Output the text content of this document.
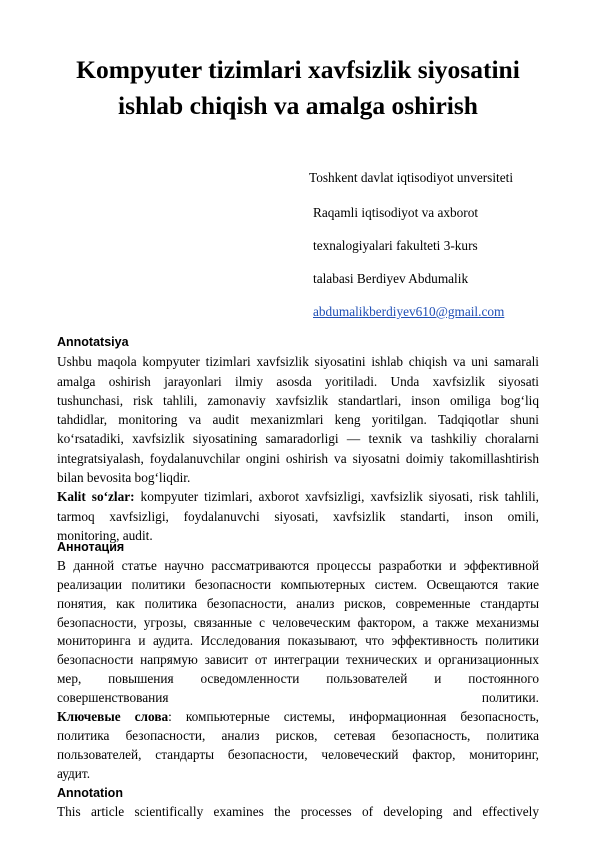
Kompyuter tizimlari xavfsizlik siyosatini
ishlab chiqish va amalga oshirish
Toshkent davlat iqtisodiyot unversiteti
Raqamli iqtisodiyot va axborot
texnalogiyalari fakulteti 3-kurs
talabasi Berdiyev Abdumalik
abdumalikberdiyev610@gmail.com
Annotatsiya
Ushbu maqola kompyuter tizimlari xavfsizlik siyosatini ishlab chiqish va uni samarali
amalga oshirish jarayonlari ilmiy asosda yoritiladi. Unda xavfsizlik siyosati
tushunchasi, risk tahlili, zamonaviy xavfsizlik standartlari, inson omiliga bog‘liq
tahdidlar, monitoring va audit mexanizmlari keng yoritilgan. Tadqiqotlar shuni
ko‘rsatadiki, xavfsizlik siyosatining samaradorligi — texnik va tashkiliy choralarni
integratsiyalash, foydalanuvchilar ongini oshirish va siyosatni doimiy takomillashtirish
bilan bevosita bog‘liqdir.
Kalit so‘zlar: kompyuter tizimlari, axborot xavfsizligi, xavfsizlik siyosati, risk tahlili,
tarmoq xavfsizligi, foydalanuvchi siyosati, xavfsizlik standarti, inson omili,
monitoring, audit.
Аннотация
В данной статье научно рассматриваются процессы разработки и эффективной
реализации политики безопасности компьютерных систем. Освещаются такие
понятия, как политика безопасности, анализ рисков, современные стандарты
безопасности, угрозы, связанные с человеческим фактором, а также механизмы
мониторинга и аудита. Исследования показывают, что эффективность политики
безопасности напрямую зависит от интеграции технических и организационных
мер, повышения осведомленности пользователей и постоянного
совершенствования политики.
Ключевые слова: компьютерные системы, информационная безопасность,
политика безопасности, анализ рисков, сетевая безопасность, политика
пользователей, стандарты безопасности, человеческий фактор, мониторинг,
аудит.
Annotation
This article scientifically examines the processes of developing and effectively
